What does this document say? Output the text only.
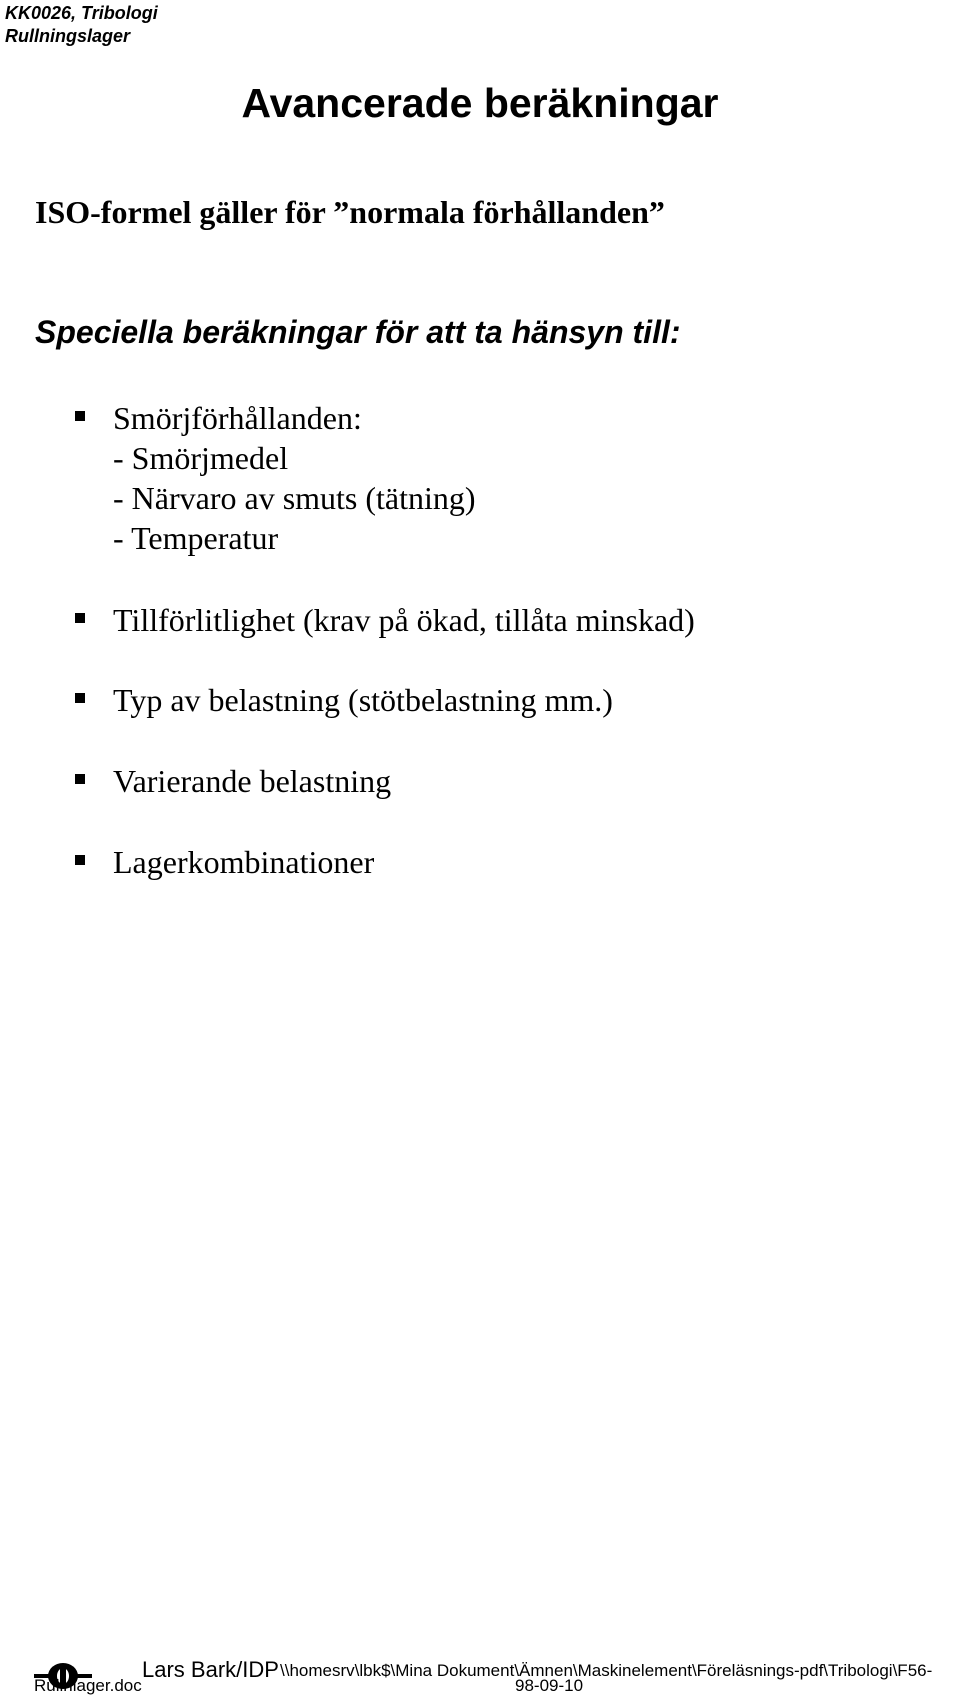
KK0026, Tribologi
Rullningslager
Avancerade beräkningar
ISO-formel gäller för ”normala förhållanden”
Speciella beräkningar för att ta hänsyn till:
Smörjförhållanden:
- Smörjmedel
- Närvaro av smuts (tätning)
- Temperatur
Tillförlitlighet (krav på ökad, tillåta minskad)
Typ av belastning (stötbelastning mm.)
Varierande belastning
Lagerkombinationer
Lars Bark/IDP \\homesrv\lbk$\Mina Dokument\Ämnen\Maskinelement\Föreläsnings-pdf\Tribologi\F56-
Rullnlager.doc	98-09-10
